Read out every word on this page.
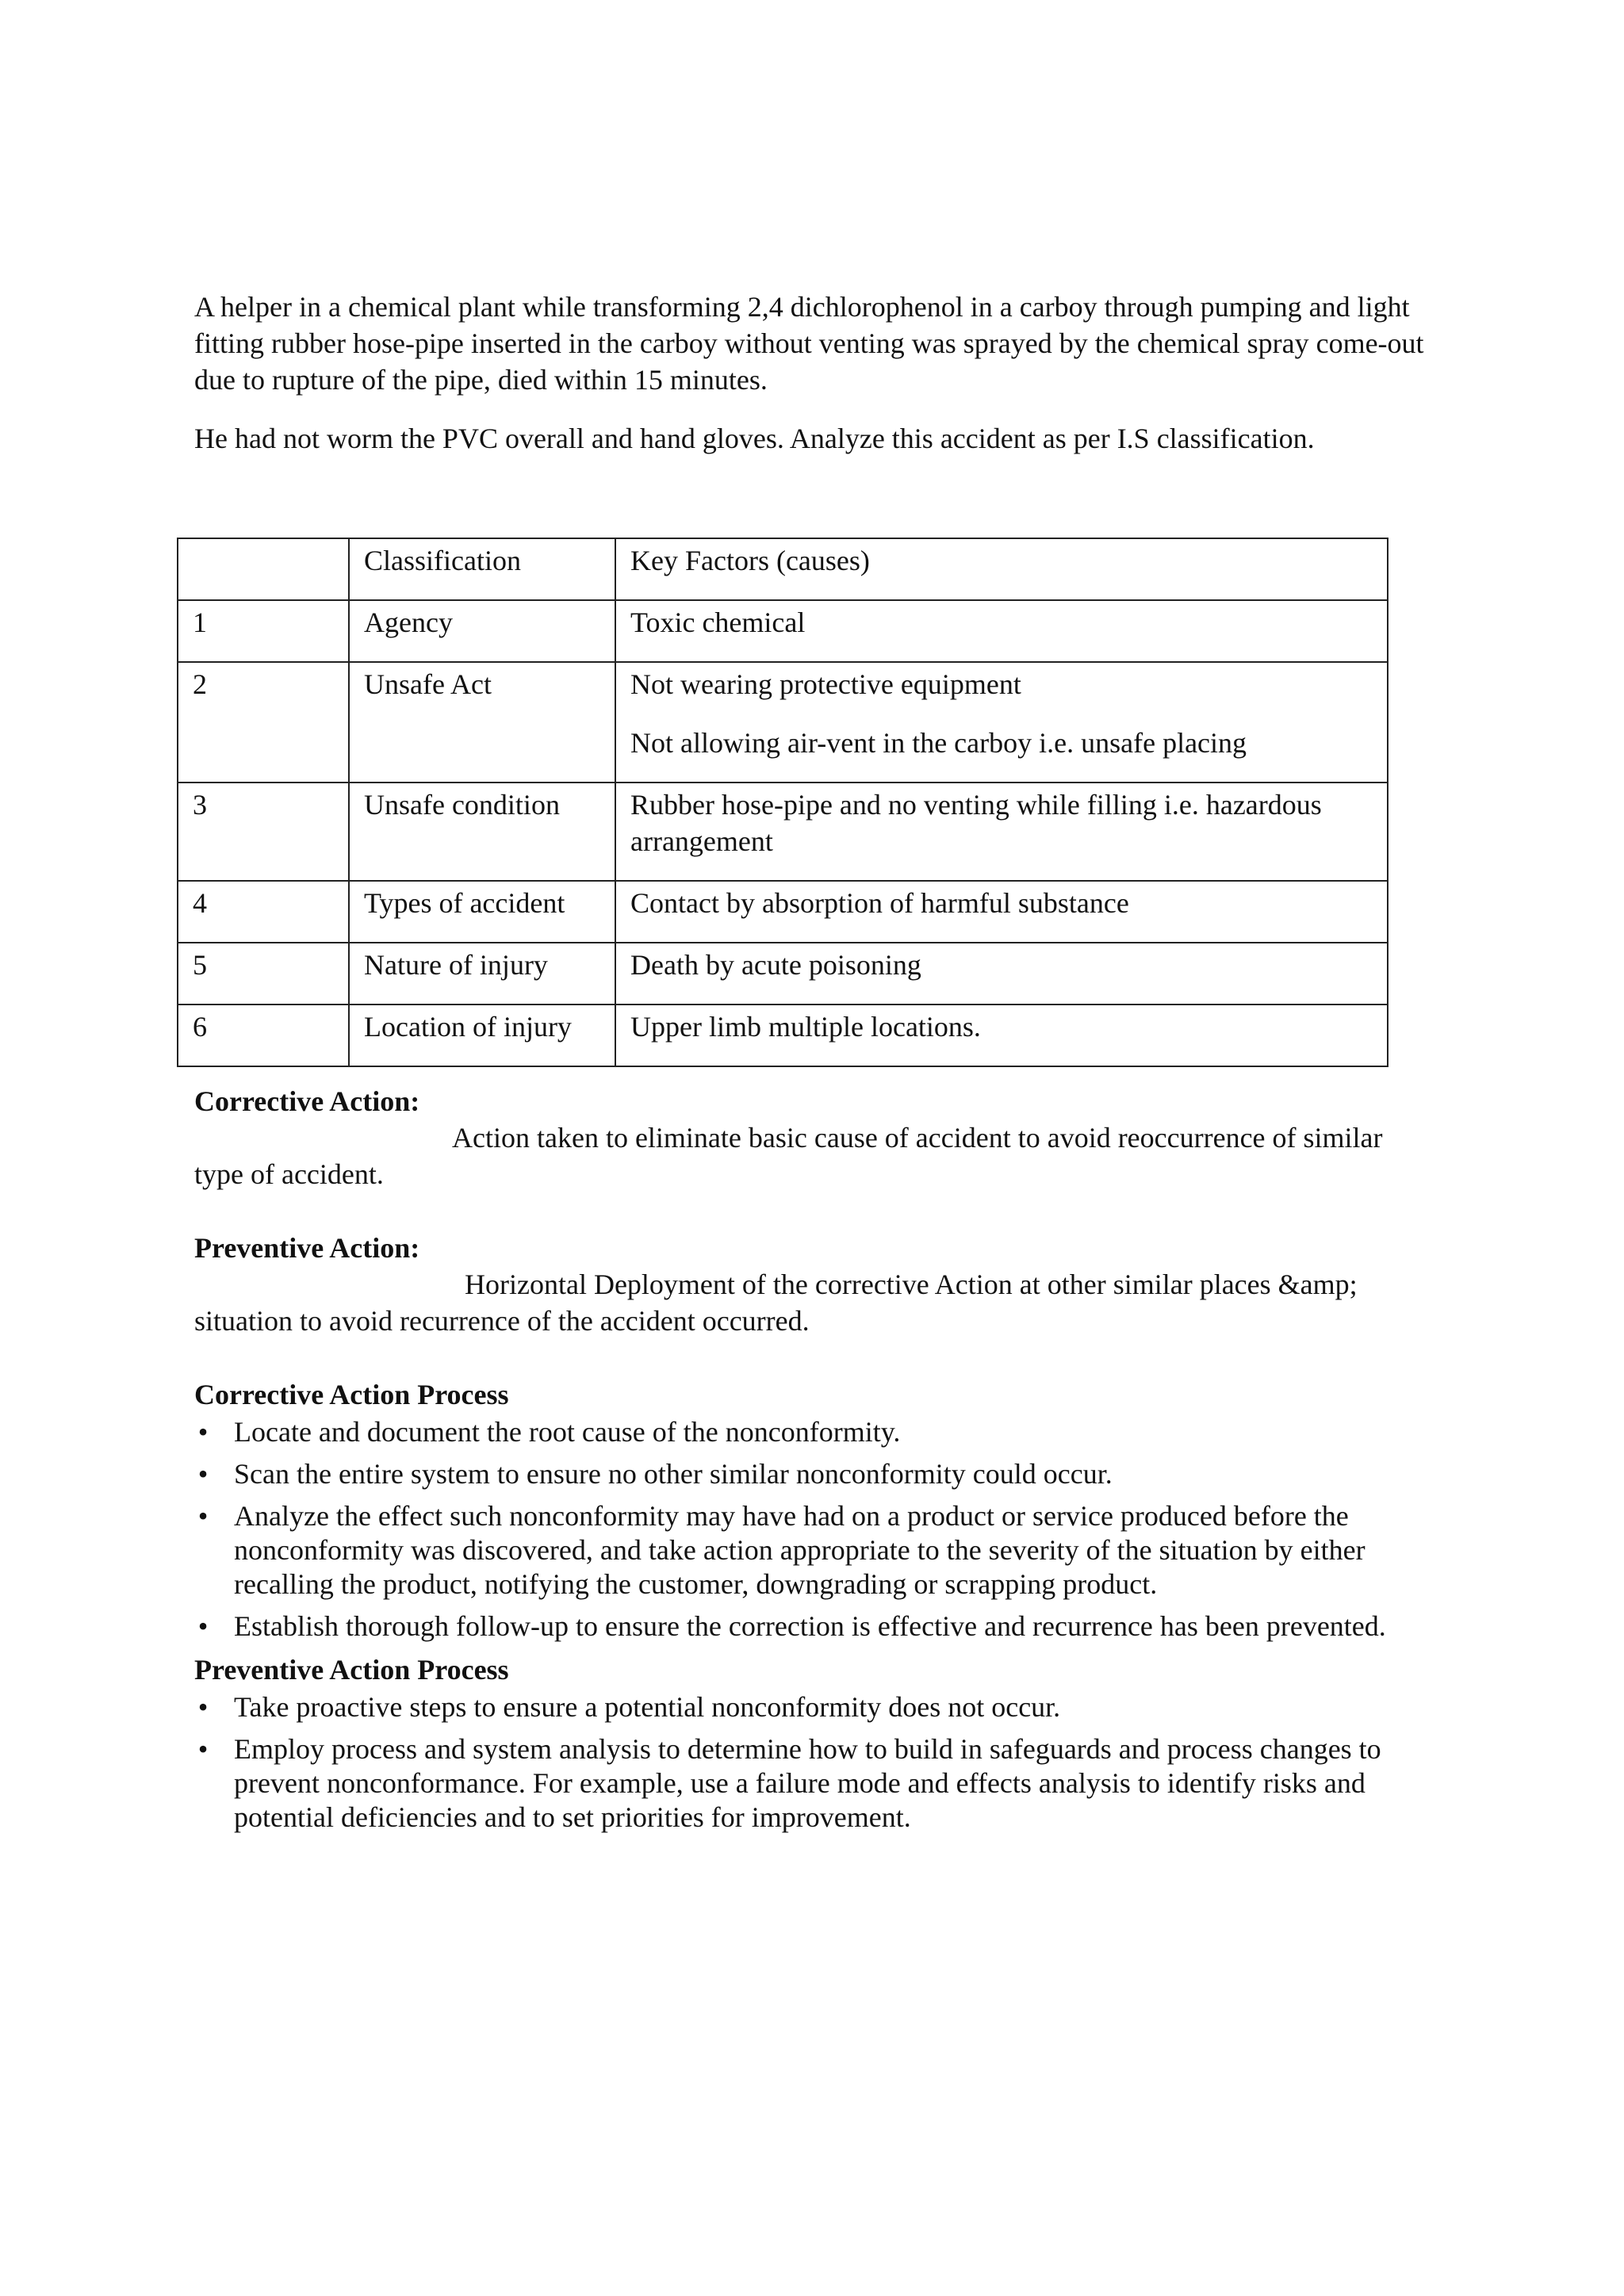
A helper in a chemical plant while transforming 2,4 dichlorophenol in a carboy through pumping and light fitting rubber hose-pipe inserted in the carboy without venting was sprayed by the chemical spray come-out due to rupture of the pipe, died within 15 minutes.

He had not worm the PVC overall and hand gloves. Analyze this accident as per I.S classification.

	Classification	Key Factors (causes)
1	Agency	Toxic chemical

2	Unsafe Act	Not wearing protective equipment

Not allowing air-vent in the carboy i.e. unsafe placing

3	Unsafe condition	Rubber hose-pipe and no venting while filling i.e. hazardous arrangement

4	Types of accident	Contact by absorption of harmful substance

5	Nature of injury	Death by acute poisoning

6	Location of injury	Upper limb multiple locations.

Corrective Action:

Action taken to eliminate basic cause of accident to avoid reoccurrence of similar type of accident.

Preventive Action:

Horizontal Deployment of the corrective Action at other similar places &amp; situation to avoid recurrence of the accident occurred.

Corrective Action Process

• Locate and document the root cause of the nonconformity.
• Scan the entire system to ensure no other similar nonconformity could occur.
• Analyze the effect such nonconformity may have had on a product or service produced before the nonconformity was discovered, and take action appropriate to the severity of the situation by either recalling the product, notifying the customer, downgrading or scrapping product.
• Establish thorough follow-up to ensure the correction is effective and recurrence has been prevented.

Preventive Action Process

• Take proactive steps to ensure a potential nonconformity does not occur.
• Employ process and system analysis to determine how to build in safeguards and process changes to prevent nonconformance. For example, use a failure mode and effects analysis to identify risks and potential deficiencies and to set priorities for improvement.
